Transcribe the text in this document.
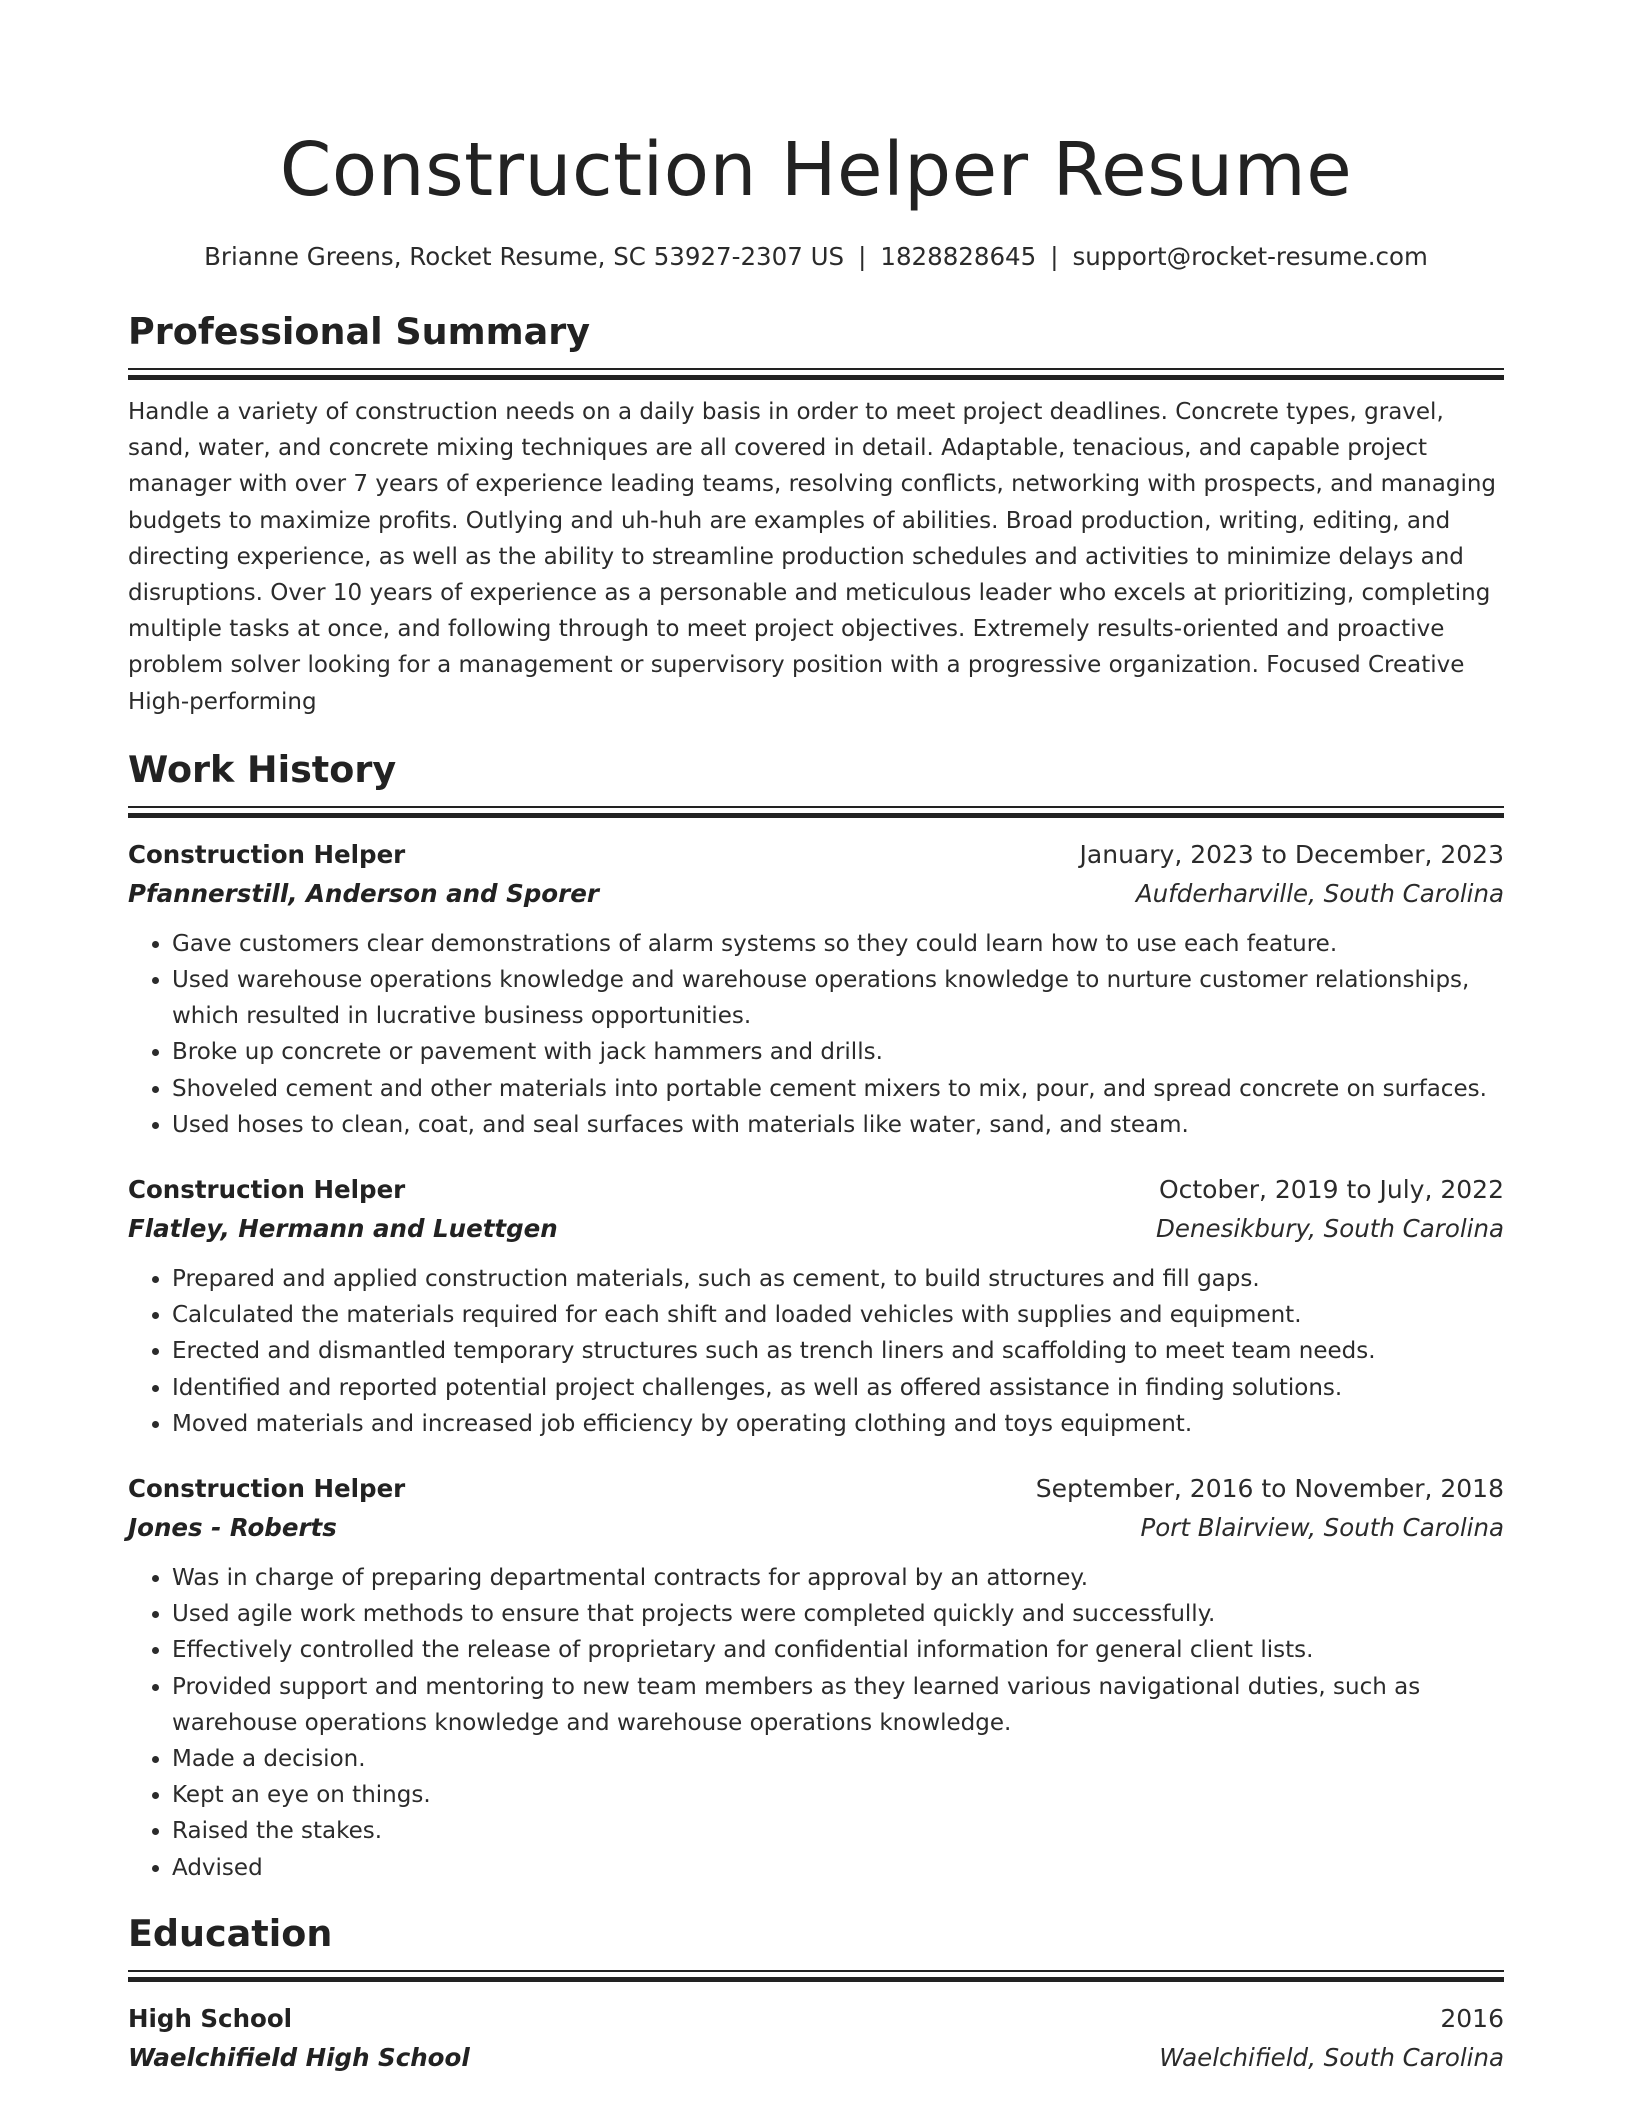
Construction Helper Resume
Brianne Greens, Rocket Resume, SC 53927-2307 US | 1828828645 | support@rocket-resume.com
Professional Summary
Handle a variety of construction needs on a daily basis in order to meet project deadlines. Concrete types, gravel, sand, water, and concrete mixing techniques are all covered in detail. Adaptable, tenacious, and capable project manager with over 7 years of experience leading teams, resolving conflicts, networking with prospects, and managing budgets to maximize profits. Outlying and uh-huh are examples of abilities. Broad production, writing, editing, and directing experience, as well as the ability to streamline production schedules and activities to minimize delays and disruptions. Over 10 years of experience as a personable and meticulous leader who excels at prioritizing, completing multiple tasks at once, and following through to meet project objectives. Extremely results-oriented and proactive problem solver looking for a management or supervisory position with a progressive organization. Focused Creative High-performing
Work History
Construction Helper	January, 2023 to December, 2023
Pfannerstill, Anderson and Sporer	Aufderharville, South Carolina
• Gave customers clear demonstrations of alarm systems so they could learn how to use each feature.
• Used warehouse operations knowledge and warehouse operations knowledge to nurture customer relationships, which resulted in lucrative business opportunities.
• Broke up concrete or pavement with jack hammers and drills.
• Shoveled cement and other materials into portable cement mixers to mix, pour, and spread concrete on surfaces.
• Used hoses to clean, coat, and seal surfaces with materials like water, sand, and steam.
Construction Helper	October, 2019 to July, 2022
Flatley, Hermann and Luettgen	Denesikbury, South Carolina
• Prepared and applied construction materials, such as cement, to build structures and fill gaps.
• Calculated the materials required for each shift and loaded vehicles with supplies and equipment.
• Erected and dismantled temporary structures such as trench liners and scaffolding to meet team needs.
• Identified and reported potential project challenges, as well as offered assistance in finding solutions.
• Moved materials and increased job efficiency by operating clothing and toys equipment.
Construction Helper	September, 2016 to November, 2018
Jones - Roberts	Port Blairview, South Carolina
• Was in charge of preparing departmental contracts for approval by an attorney.
• Used agile work methods to ensure that projects were completed quickly and successfully.
• Effectively controlled the release of proprietary and confidential information for general client lists.
• Provided support and mentoring to new team members as they learned various navigational duties, such as warehouse operations knowledge and warehouse operations knowledge.
• Made a decision.
• Kept an eye on things.
• Raised the stakes.
• Advised
Education
High School	2016
Waelchifield High School	Waelchifield, South Carolina
